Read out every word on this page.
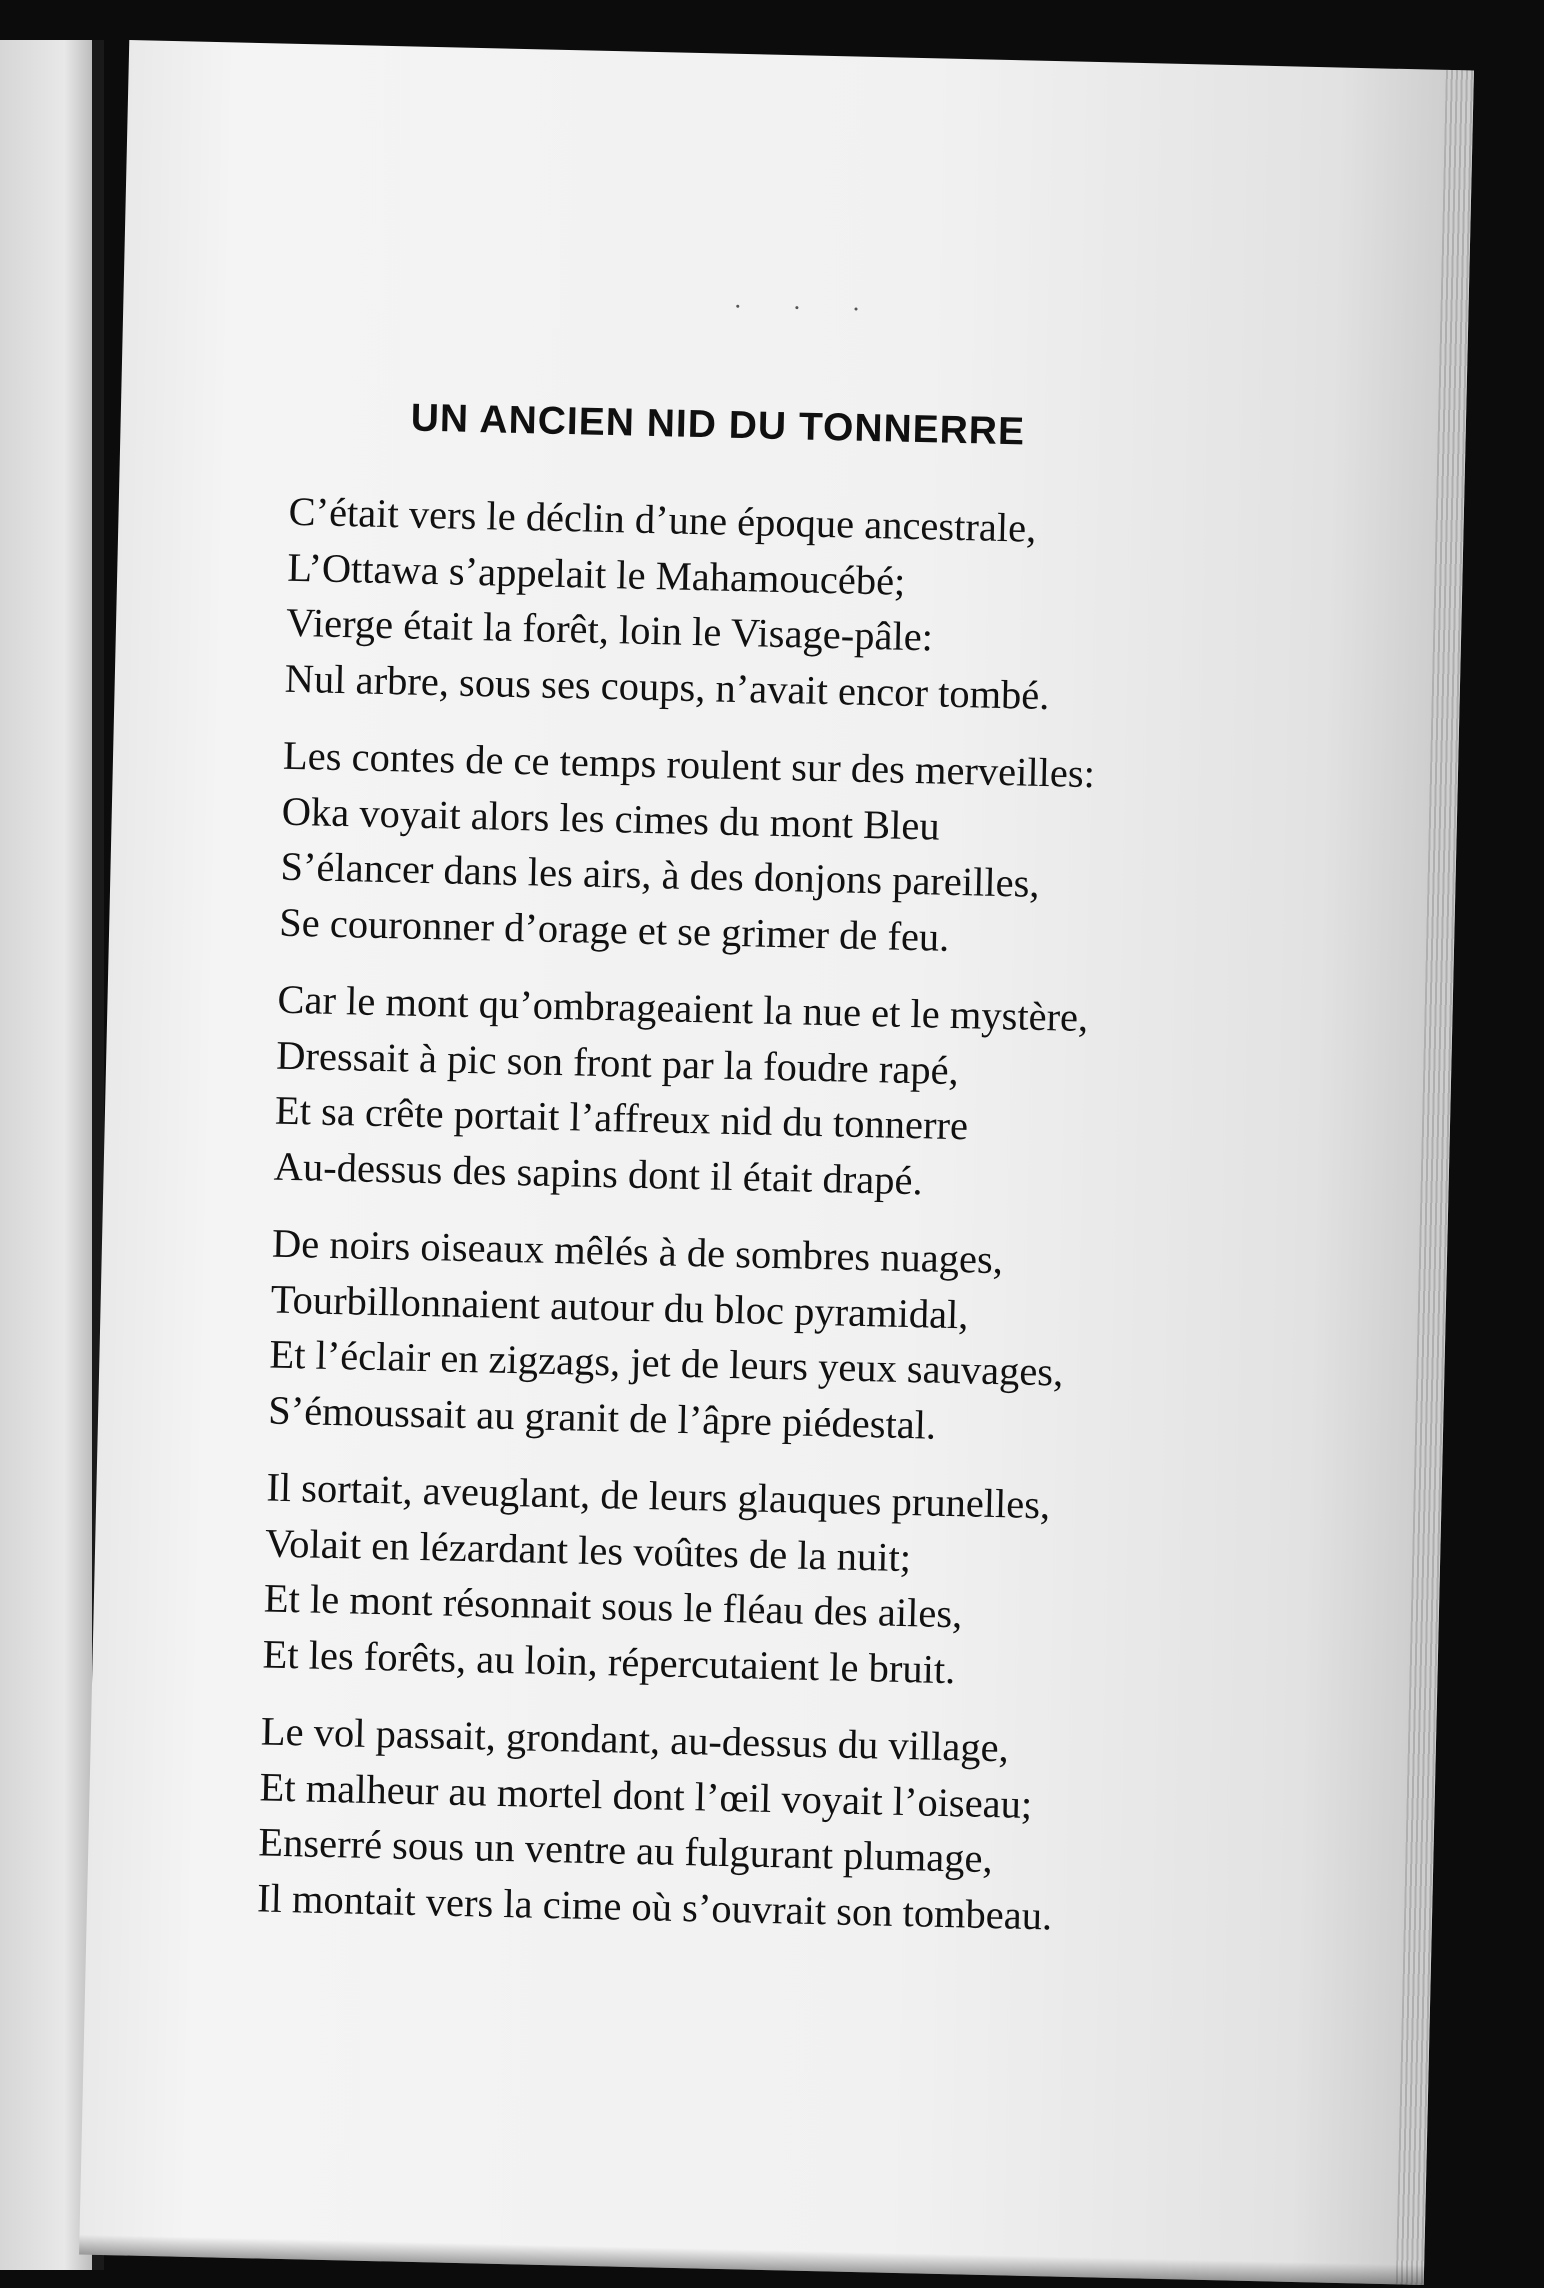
· · ·
UN ANCIEN NID DU TONNERRE
C’était vers le déclin d’une époque ancestrale,
L’Ottawa s’appelait le Mahamoucébé;
Vierge était la forêt, loin le Visage-pâle:
Nul arbre, sous ses coups, n’avait encor tombé.
Les contes de ce temps roulent sur des merveilles:
Oka voyait alors les cimes du mont Bleu
S’élancer dans les airs, à des donjons pareilles,
Se couronner d’orage et se grimer de feu.
Car le mont qu’ombrageaient la nue et le mystère,
Dressait à pic son front par la foudre rapé,
Et sa crête portait l’affreux nid du tonnerre
Au-dessus des sapins dont il était drapé.
De noirs oiseaux mêlés à de sombres nuages,
Tourbillonnaient autour du bloc pyramidal,
Et l’éclair en zigzags, jet de leurs yeux sauvages,
S’émoussait au granit de l’âpre piédestal.
Il sortait, aveuglant, de leurs glauques prunelles,
Volait en lézardant les voûtes de la nuit;
Et le mont résonnait sous le fléau des ailes,
Et les forêts, au loin, répercutaient le bruit.
Le vol passait, grondant, au-dessus du village,
Et malheur au mortel dont l’œil voyait l’oiseau;
Enserré sous un ventre au fulgurant plumage,
Il montait vers la cime où s’ouvrait son tombeau.
